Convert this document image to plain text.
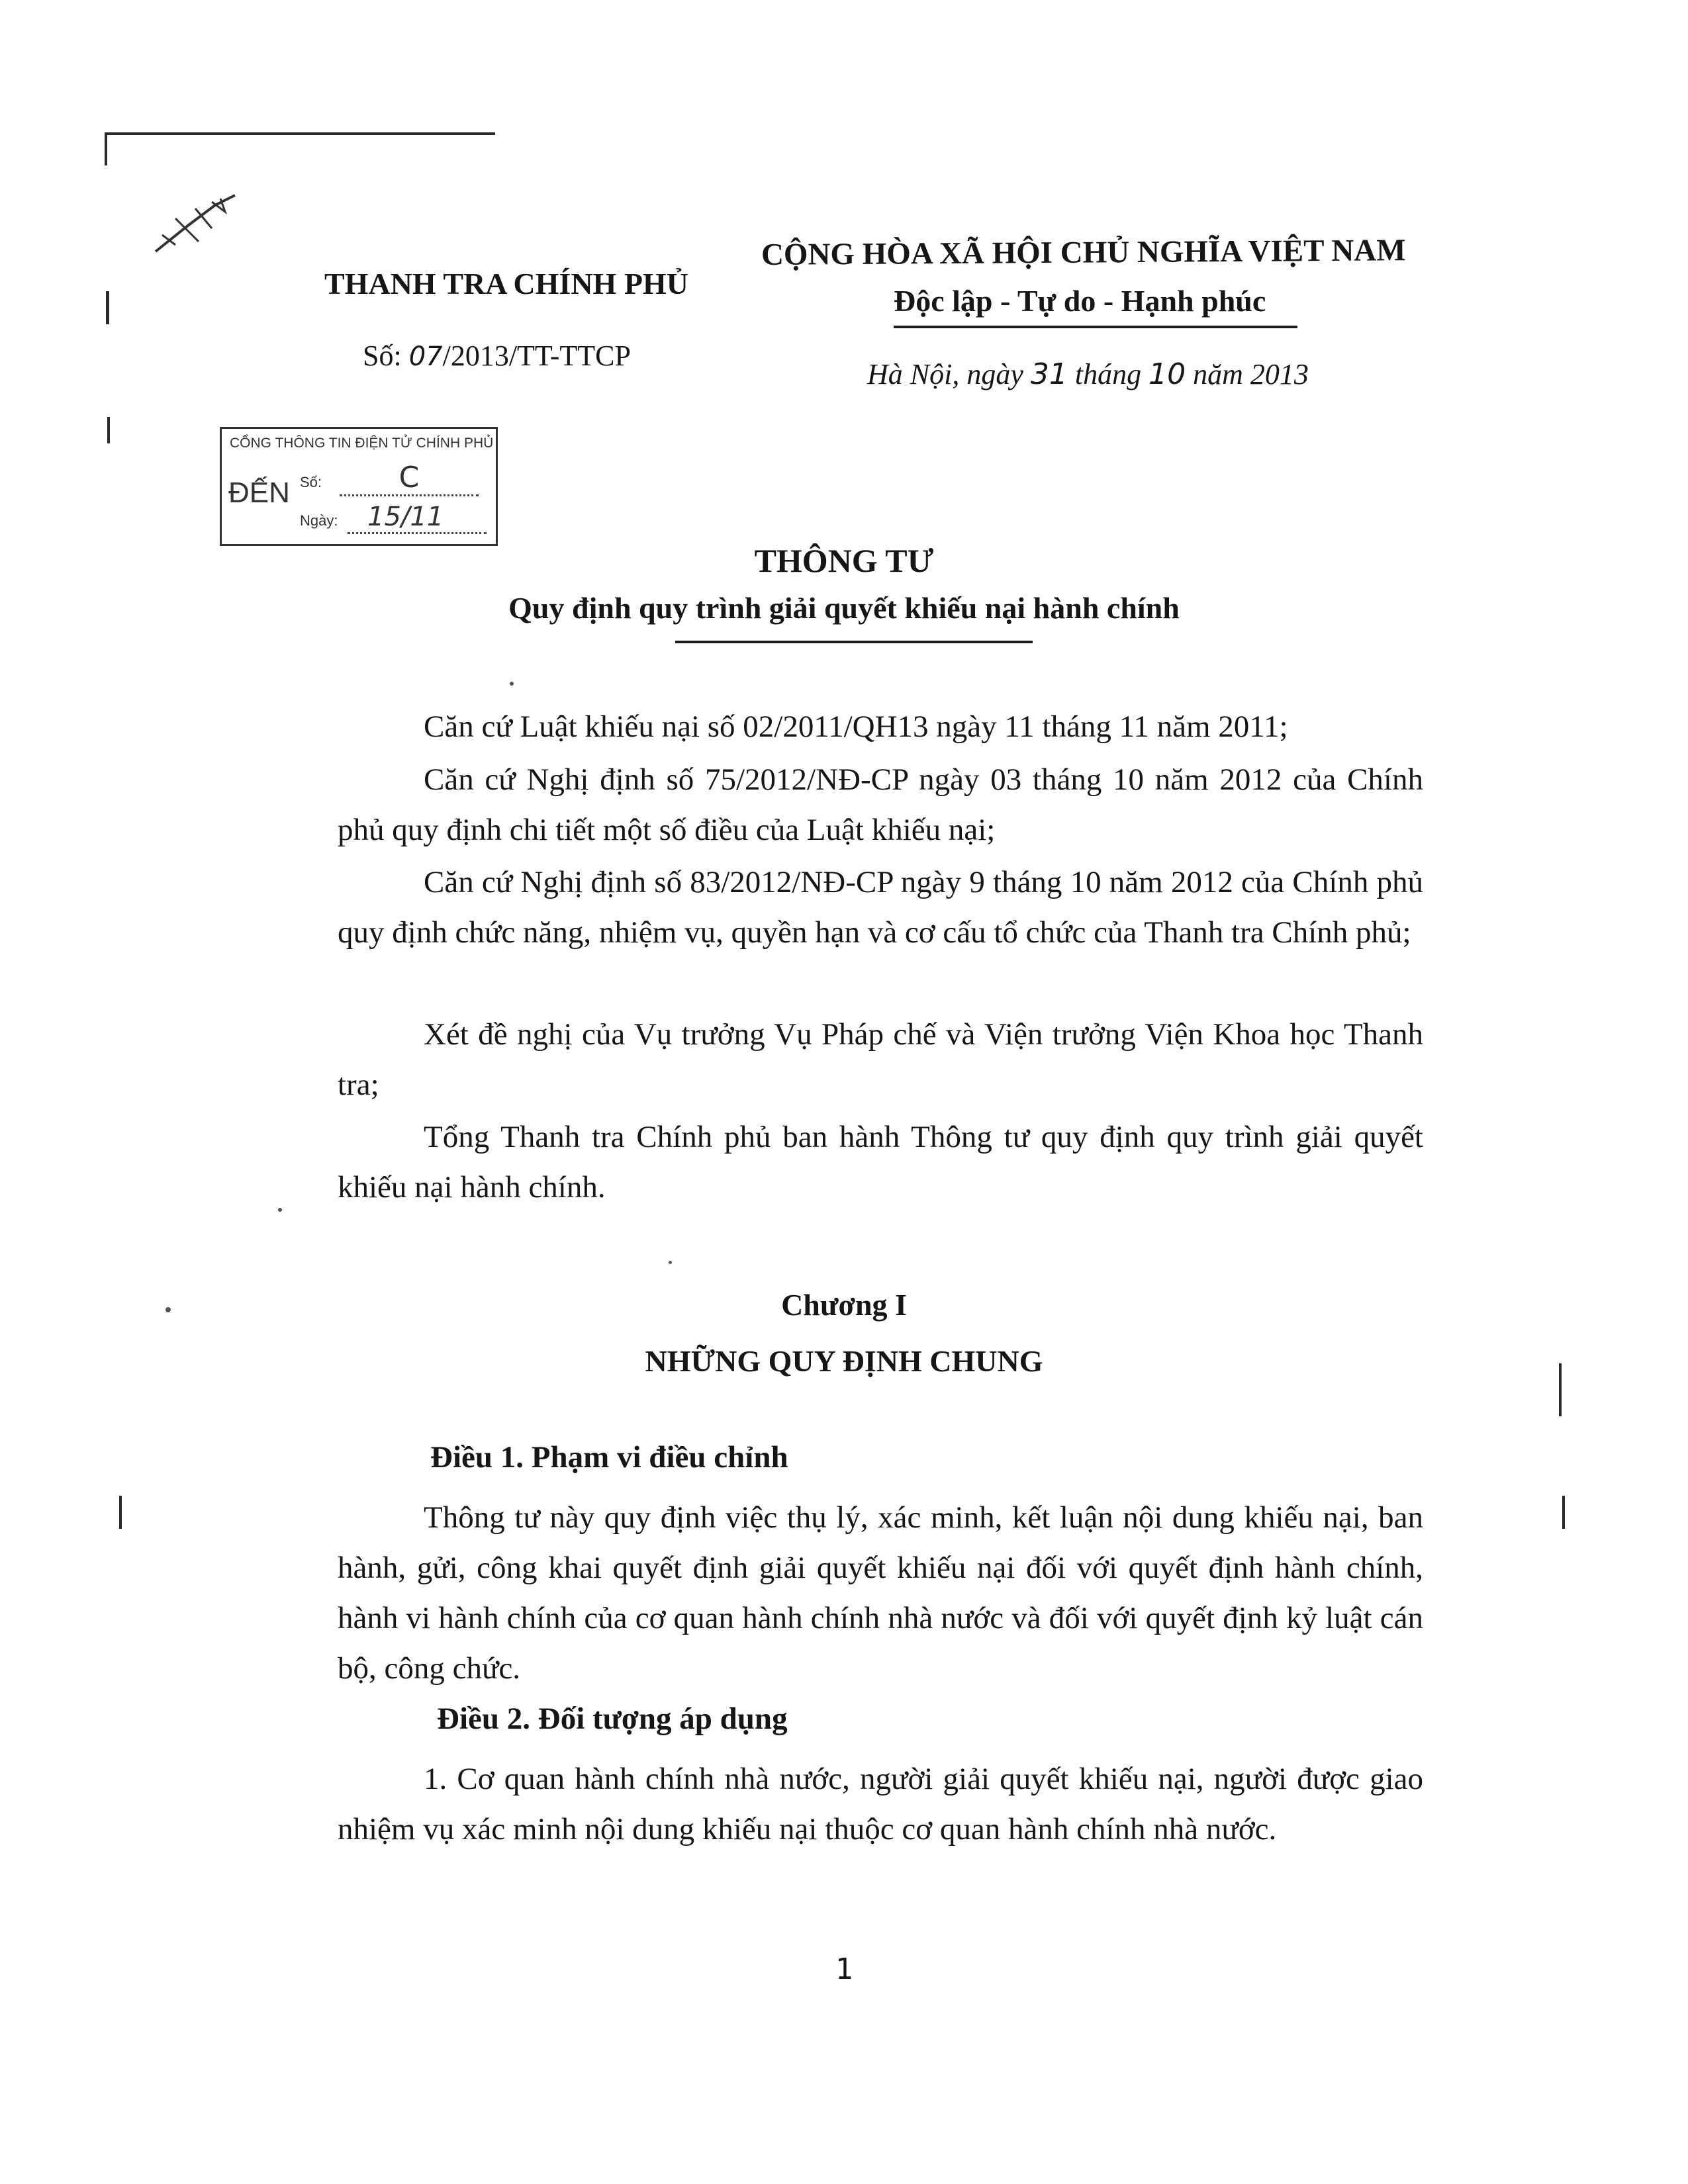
THANH TRA CHÍNH PHỦ
Số: 07/2013/TT-TTCP
CỘNG HÒA XÃ HỘI CHỦ NGHĨA VIỆT NAM
Độc lập - Tự do - Hạnh phúc
Hà Nội, ngày 31 tháng 10 năm 2013
CỔNG THÔNG TIN ĐIỆN TỬ CHÍNH PHỦ
ĐẾN Số:	C
Ngày:	15/11
THÔNG TƯ
Quy định quy trình giải quyết khiếu nại hành chính

Căn cứ Luật khiếu nại số 02/2011/QH13 ngày 11 tháng 11 năm 2011;

Căn cứ Nghị định số 75/2012/NĐ-CP ngày 03 tháng 10 năm 2012 của Chính phủ quy định chi tiết một số điều của Luật khiếu nại;

Căn cứ Nghị định số 83/2012/NĐ-CP ngày 9 tháng 10 năm 2012 của Chính phủ quy định chức năng, nhiệm vụ, quyền hạn và cơ cấu tổ chức của Thanh tra Chính phủ;

Xét đề nghị của Vụ trưởng Vụ Pháp chế và Viện trưởng Viện Khoa học Thanh tra;

Tổng Thanh tra Chính phủ ban hành Thông tư quy định quy trình giải quyết khiếu nại hành chính.

Chương I
NHỮNG QUY ĐỊNH CHUNG
Điều 1. Phạm vi điều chỉnh

Thông tư này quy định việc thụ lý, xác minh, kết luận nội dung khiếu nại, ban hành, gửi, công khai quyết định giải quyết khiếu nại đối với quyết định hành chính, hành vi hành chính của cơ quan hành chính nhà nước và đối với quyết định kỷ luật cán bộ, công chức.

Điều 2. Đối tượng áp dụng

1. Cơ quan hành chính nhà nước, người giải quyết khiếu nại, người được giao nhiệm vụ xác minh nội dung khiếu nại thuộc cơ quan hành chính nhà nước.

1
